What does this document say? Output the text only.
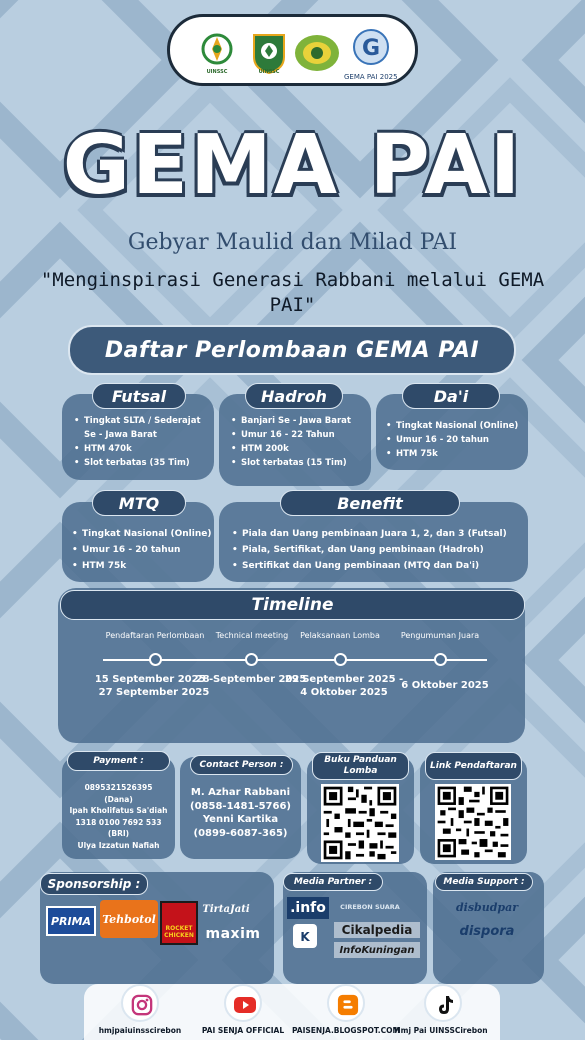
UINSSC	UINSSC
G
GEMA PAI 2025
GEMA PAI
Gebyar Maulid dan Milad PAI
"Menginspirasi Generasi Rabbani melalui GEMA PAI"
Daftar Perlombaan GEMA PAI
Futsal
• Tingkat SLTA / Sederajat Se - Jawa Barat
• HTM 470k
• Slot terbatas (35 Tim)
Hadroh
• Banjari Se - Jawa Barat
• Umur 16 - 22 Tahun
• HTM 200k
• Slot terbatas (15 Tim)
Da'i
• Tingkat Nasional (Online)
• Umur 16 - 20 tahun
• HTM 75k
MTQ
• Tingkat Nasional (Online)
• Umur 16 - 20 tahun
• HTM 75k
Benefit
• Piala dan Uang pembinaan Juara 1, 2, dan 3 (Futsal)
• Piala, Sertifikat, dan Uang pembinaan (Hadroh)
• Sertifikat dan Uang pembinaan (MTQ dan Da'i)
Timeline
Pendaftaran Perlombaan
15 September 2025 - 27 September 2025
Technical meeting
28 September 2025
Pelaksanaan Lomba
29 September 2025 - 4 Oktober 2025
Pengumuman Juara
6 Oktober 2025
Payment :
0895321526395
(Dana)
Ipah Kholifatus Sa'diah
1318 0100 7692 533
(BRI)
Ulya Izzatun Nafiah
Contact Person :
M. Azhar Rabbani
(0858-1481-5766)
Yenni Kartika
(0899-6087-365)
Buku Panduan Lomba
Link Pendaftaran
Sponsorship :
PRIMA	Tehbotol
ROCKET CHICKEN
TirtaJati
maxim
Media Partner :
.info	CIREBON SUARA
K	Cikalpedia
InfoKuningan
Media Support :
disbudpar
dispora
hmjpaiuinsscirebon	PAI SENJA OFFICIAL	PAISENJA.BLOGSPOT.COM
Hmj Pai UINSSCirebon
